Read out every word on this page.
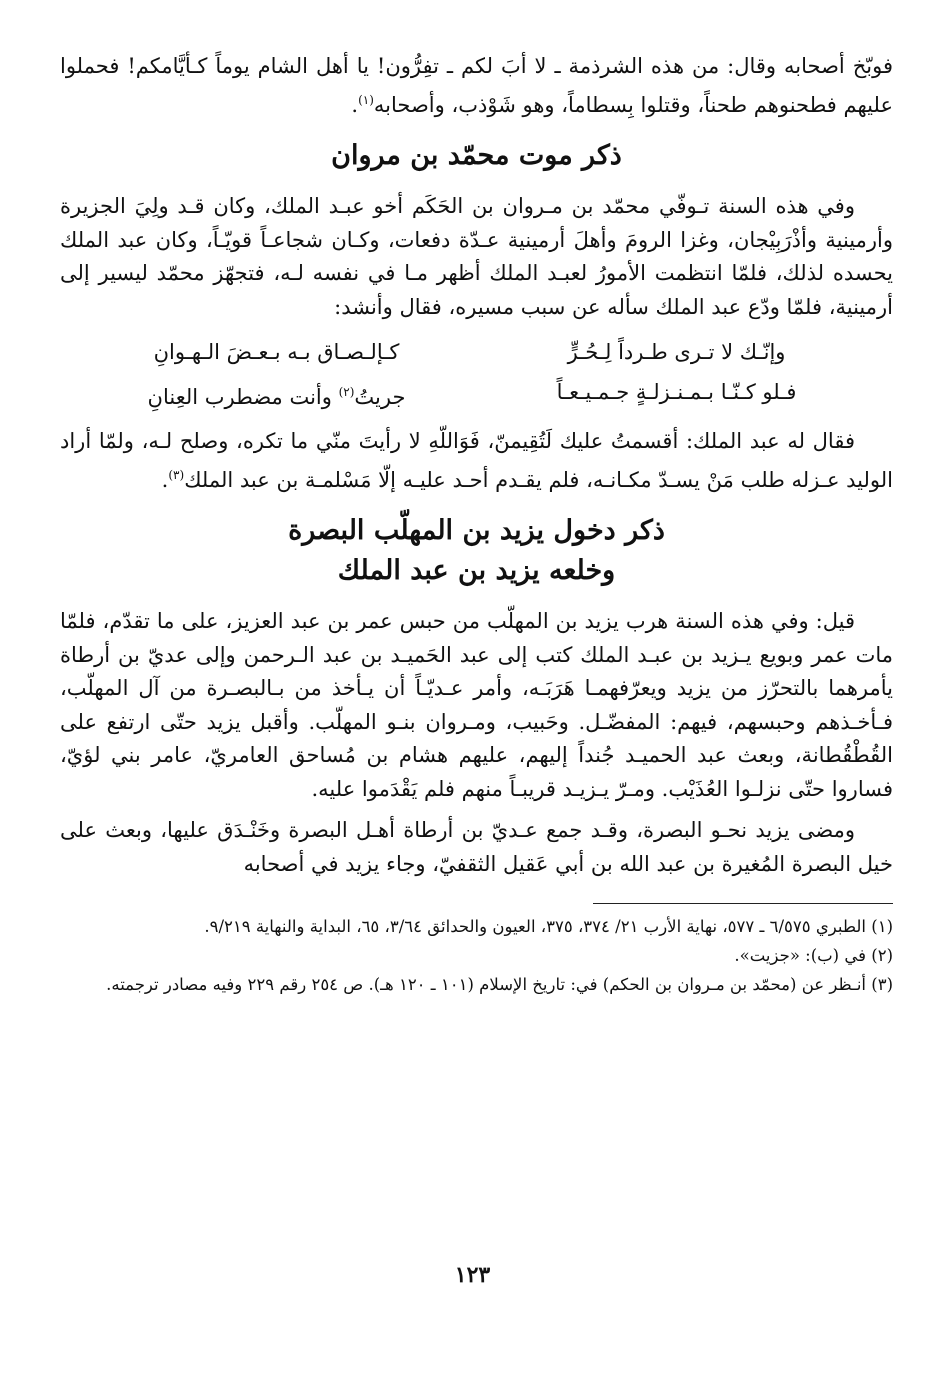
فوبّخ أصحابه وقال: من هذه الشرذمة ـ لا أبَ لكم ـ تفِرُّون! يا أهل الشام يوماً كـأيَّامكم! فحملوا عليهم فطحنوهم طحناً، وقتلوا بِسطاماً، وهو شَوْذب، وأصحابه$^{(١)}$.

ذكر موت محمّد بن مروان

وفي هذه السنة تـوفّي محمّد بن مـروان بن الحَكَم أخو عبـد الملك، وكان قـد ولِيَ الجزيرة وأرمينية وأذْرَبِيْجان، وغزا الرومَ وأهلَ أرمينية عـدّة دفعات، وكـان شجاعـاً قويّـاً، وكان عبد الملك يحسده لذلك، فلمّا انتظمت الأمورُ لعبـد الملك أظهر مـا في نفسه لـه، فتجهّز محمّد ليسير إلى أرمينية، فلمّا ودّع عبد الملك سأله عن سبب مسيره، فقال وأنشد:

وإنّـك لا تـرى طـرداً لِـحُـرٍّ
كـإلـصـاق بـه بـعـضَ الـهـوانِ
فـلو كـنّـا بـمـنـزلـةٍ جـمـيـعـاً
جريتُ$^{(٢)}$ وأنت مضطرب العِنانِ

فقال له عبد الملك: أقسمتُ عليك لَتُقِيمنّ، فَوَاللّهِ لا رأيتَ منّي ما تكره، وصلح لـه، ولمّا أراد الوليد عـزله طلب مَنْ يسـدّ مكـانـه، فلم يقـدم أحـد عليـه إلّا مَسْلمـة بن عبد الملك$^{(٣)}$.

ذكر دخول يزيد بن المهلّب البصرة
وخلعه يزيد بن عبد الملك

قيل: وفي هذه السنة هرب يزيد بن المهلّب من حبس عمر بن عبد العزيز، على ما تقدّم، فلمّا مات عمر وبويع يـزيد بن عبـد الملك كتب إلى عبد الحَميـد بن عبد الـرحمن وإلى عديّ بن أرطاة يأمرهما بالتحرّز من يزيد ويعرّفهمـا هَرَبَـه، وأمر عـديّـاً أن يـأخذ من بـالبصـرة من آل المهلّب، فـأخـذهم وحبسهم، فيهم: المفضّـل. وحَبيب، ومـروان بنـو المهلّب. وأقبل يزيد حتّى ارتفع على القُطْقُطانة، وبعث عبد الحميـد جُنداً إليهم، عليهم هشام بن مُساحق العامريّ، عامر بني لؤيّ، فساروا حتّى نزلـوا العُذَيْب. ومـرّ يـزيـد قريبـاً منهم فلم يَقْدَموا عليه.

ومضى يزيد نحـو البصرة، وقـد جمع عـديّ بن أرطاة أهـل البصرة وخَنْـدَق عليها، وبعث على خيل البصرة المُغيرة بن عبد الله بن أبي عَقيل الثقفيّ، وجاء يزيد في أصحابه

(١) الطبري ٦/٥٧٥ ـ ٥٧٧، نهاية الأرب ٢١/ ٣٧٤، ٣٧٥، العيون والحدائق ٣/٦٤، ٦٥، البداية والنهاية ٩/٢١٩.

(٢) في (ب): «جزيت».

(٣) أنـظر عن (محمّد بن مـروان بن الحكم) في: تاريخ الإسلام (١٠١ ـ ١٢٠ هـ). ص ٢٥٤ رقم ٢٢٩ وفيه مصادر ترجمته.

١٢٣
